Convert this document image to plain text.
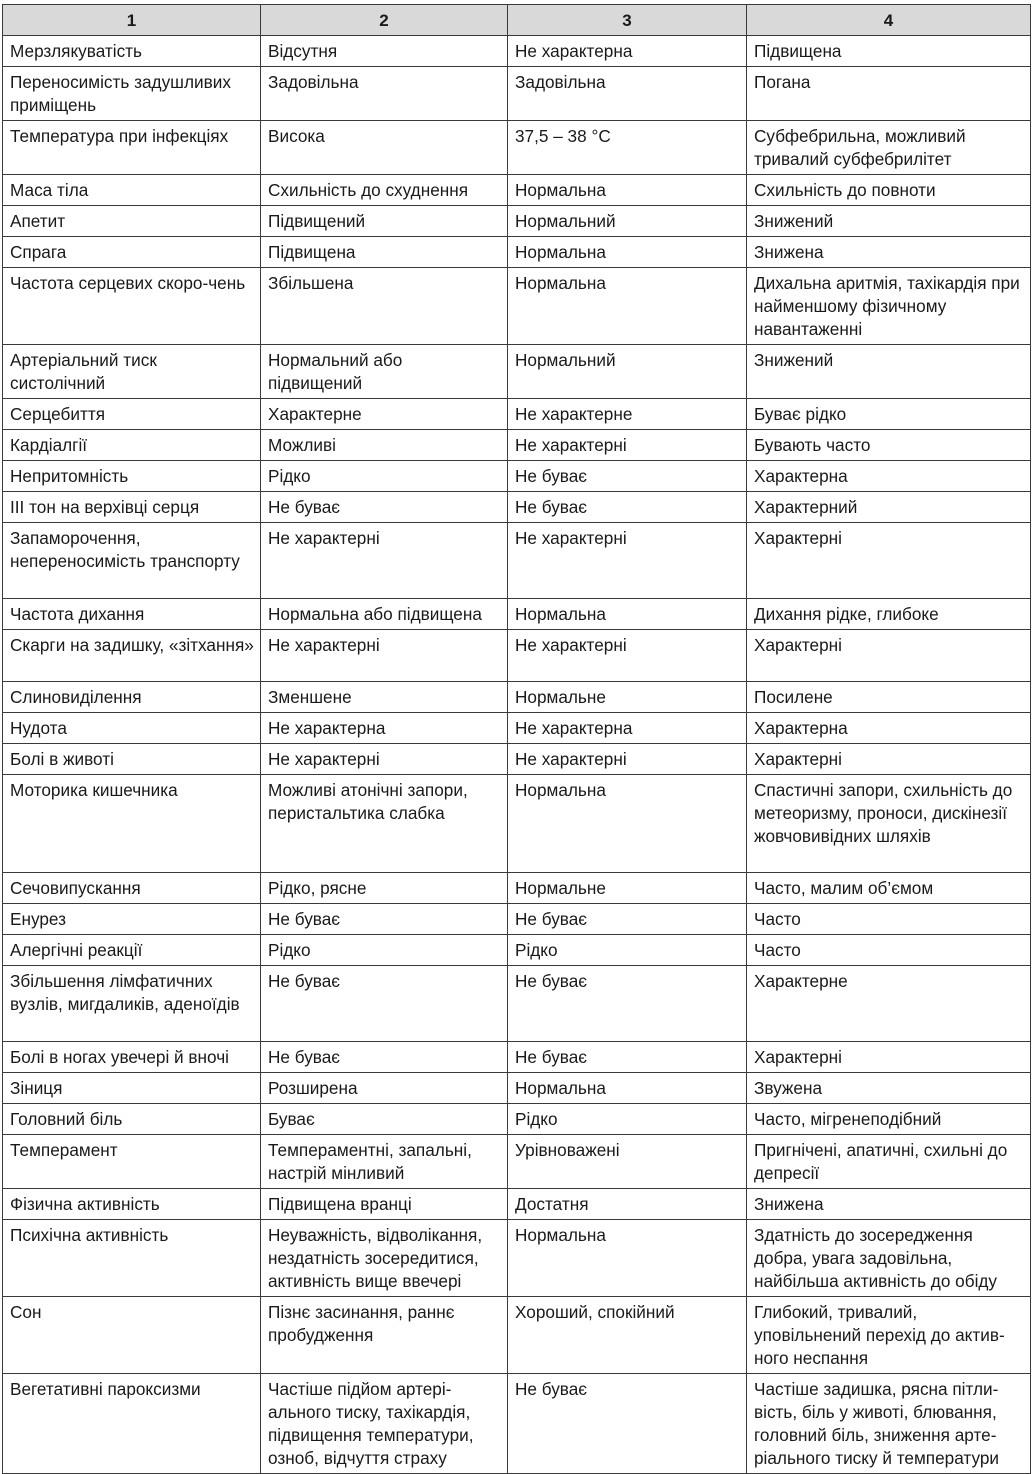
1	2	3	4
Мерзлякуватість	Відсутня	Не характерна	Підвищена
Переносимість задушливих приміщень	Задовільна	Задовільна	Погана
Температура при інфекціях	Висока	37,5 – 38 °С	Субфебрильна, можливий тривалий субфебрилітет
Маса тіла	Схильність до схуднення	Нормальна	Схильність до повноти
Апетит	Підвищений	Нормальний	Знижений
Спрага	Підвищена	Нормальна	Знижена
Частота серцевих скоро-чень	Збільшена	Нормальна	Дихальна аритмія, тахікардія при найменшому фізичному навантаженні
Артеріальний тиск систолічний	Нормальний або підвищений	Нормальний	Знижений
Серцебиття	Характерне	Не характерне	Буває рідко
Кардіалгії	Можливі	Не характерні	Бувають часто
Непритомність	Рідко	Не буває	Характерна
III тон на верхівці серця	Не буває	Не буває	Характерний
Запаморочення, непереносимість транспорту	Не характерні	Не характерні	Характерні
Частота дихання	Нормальна або підвищена	Нормальна	Дихання рідке, глибоке
Скарги на задишку, «зітхання»	Не характерні	Не характерні	Характерні
Слиновиділення	Зменшене	Нормальне	Посилене
Нудота	Не характерна	Не характерна	Характерна
Болі в животі	Не характерні	Не характерні	Характерні
Моторика кишечника	Можливі атонічні запори, перистальтика слабка	Нормальна	Спастичні запори, схильність до метеоризму, проноси, дискінезії жовчовивідних шляхів
Сечовипускання	Рідко, рясне	Нормальне	Часто, малим об’ємом
Енурез	Не буває	Не буває	Часто
Алергічні реакції	Рідко	Рідко	Часто
Збільшення лімфатичних вузлів, мигдаликів, аденоїдів	Не буває	Не буває	Характерне
Болі в ногах увечері й вночі	Не буває	Не буває	Характерні
Зіниця	Розширена	Нормальна	Звужена
Головний біль	Буває	Рідко	Часто, мігренеподібний
Темперамент	Темпераментні, запальні, настрій мінливий	Урівноважені	Пригнічені, апатичні, схильні до депресії
Фізична активність	Підвищена вранці	Достатня	Знижена
Психічна активність	Неуважність, відволікання, нездатність зосередитися, активність вище ввечері	Нормальна	Здатність до зосередження добра, увага задовільна, найбільша активність до обіду
Сон	Пізнє засинання, раннє пробудження	Хороший, спокійний	Глибокий, тривалий, уповільнений перехід до актив-ного неспання
Вегетативні пароксизми	Частіше підйом артері-ального тиску, тахікардія, підвищення температури, озноб, відчуття страху	Не буває	Частіше задишка, рясна пітли-вість, біль у животі, блювання, головний біль, зниження арте-ріального тиску й температури
